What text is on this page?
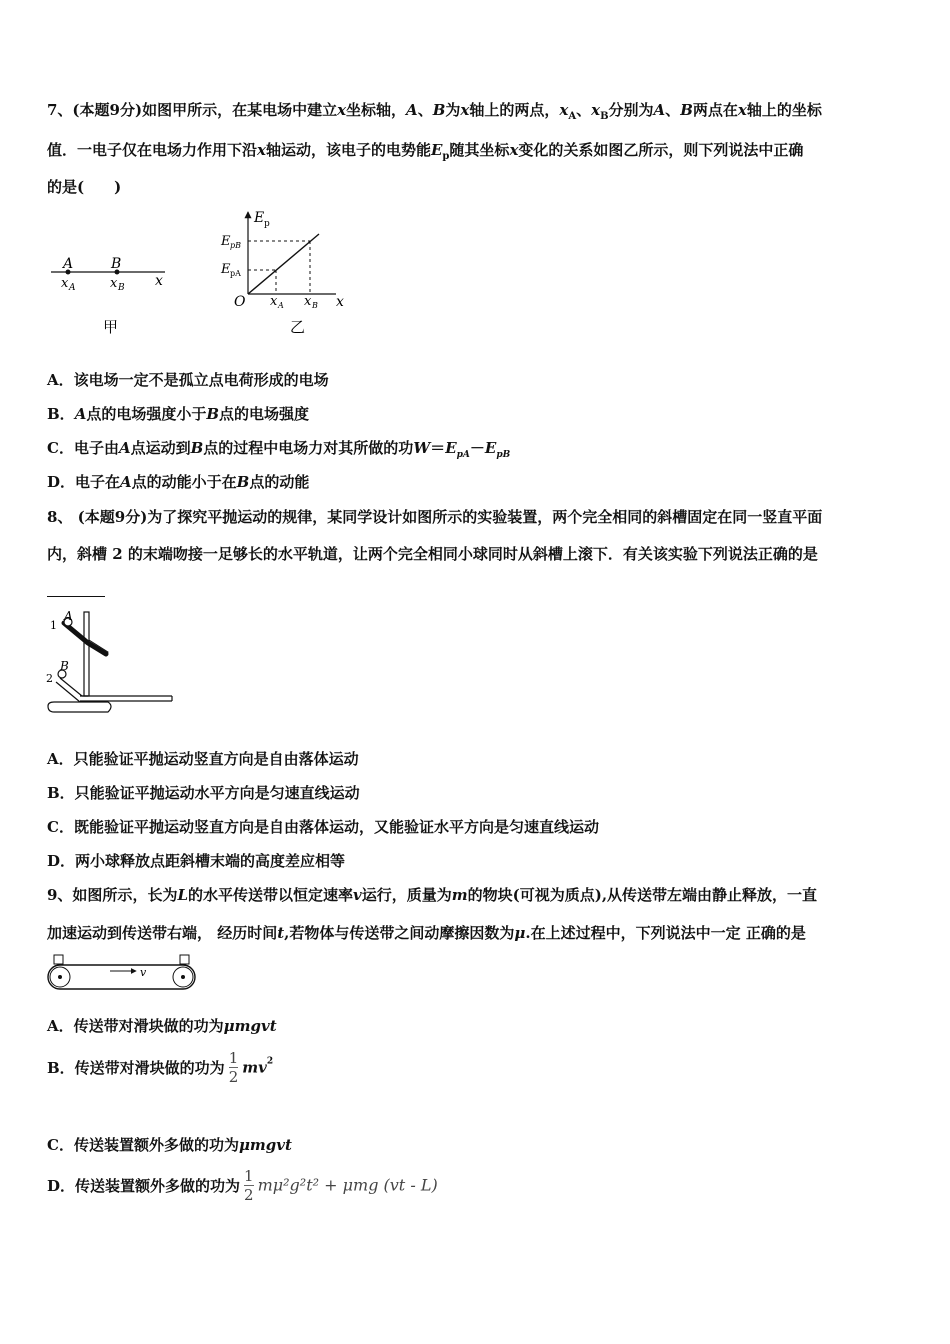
7、(本题9分)如图甲所示，在某电场中建立x坐标轴，A、B为x轴上的两点，$x_A$、$x_B$分别为A、B两点在x轴上的坐标
值．一电子仅在电场力作用下沿x轴运动，该电子的电势能$E_p$随其坐标x变化的关系如图乙所示，则下列说法中正确
的是(　　)
A	B
x A	x B x
甲
E p
E pB
E pA
O x A x B x
乙
A．该电场一定不是孤立点电荷形成的电场
B．A点的电场强度小于B点的电场强度
C．电子由A点运动到B点的过程中电场力对其所做的功$W=E_{pA}-E_{pB}$
D．电子在A点的动能小于在B点的动能
8、 (本题9分)为了探究平抛运动的规律，某同学设计如图所示的实验装置，两个完全相同的斜槽固定在同一竖直平面
内，斜槽 2 的末端吻接一足够长的水平轨道，让两个完全相同小球同时从斜槽上滚下．有关该实验下列说法正确的是
1
A
2
B
A．只能验证平抛运动竖直方向是自由落体运动
B．只能验证平抛运动水平方向是匀速直线运动
C．既能验证平抛运动竖直方向是自由落体运动，又能验证水平方向是匀速直线运动
D．两小球释放点距斜槽末端的高度差应相等
9、如图所示，长为L的水平传送带以恒定速率v运行，质量为m的物块(可视为质点),从传送带左端由静止释放，一直
加速运动到传送带右端， 经历时间t,若物体与传送带之间动摩擦因数为μ.在上述过程中，下列说法中一定 正确的是
v
A．传送带对滑块做的功为μmgvt
B．传送带对滑块做的功为 $\frac{1}{2} mv^2$
C．传送装置额外多做的功为μmgvt
D．传送装置额外多做的功为 $\frac{1}{2} m\mu^2g^2t^2 + \mu mg$ (vt - L)
